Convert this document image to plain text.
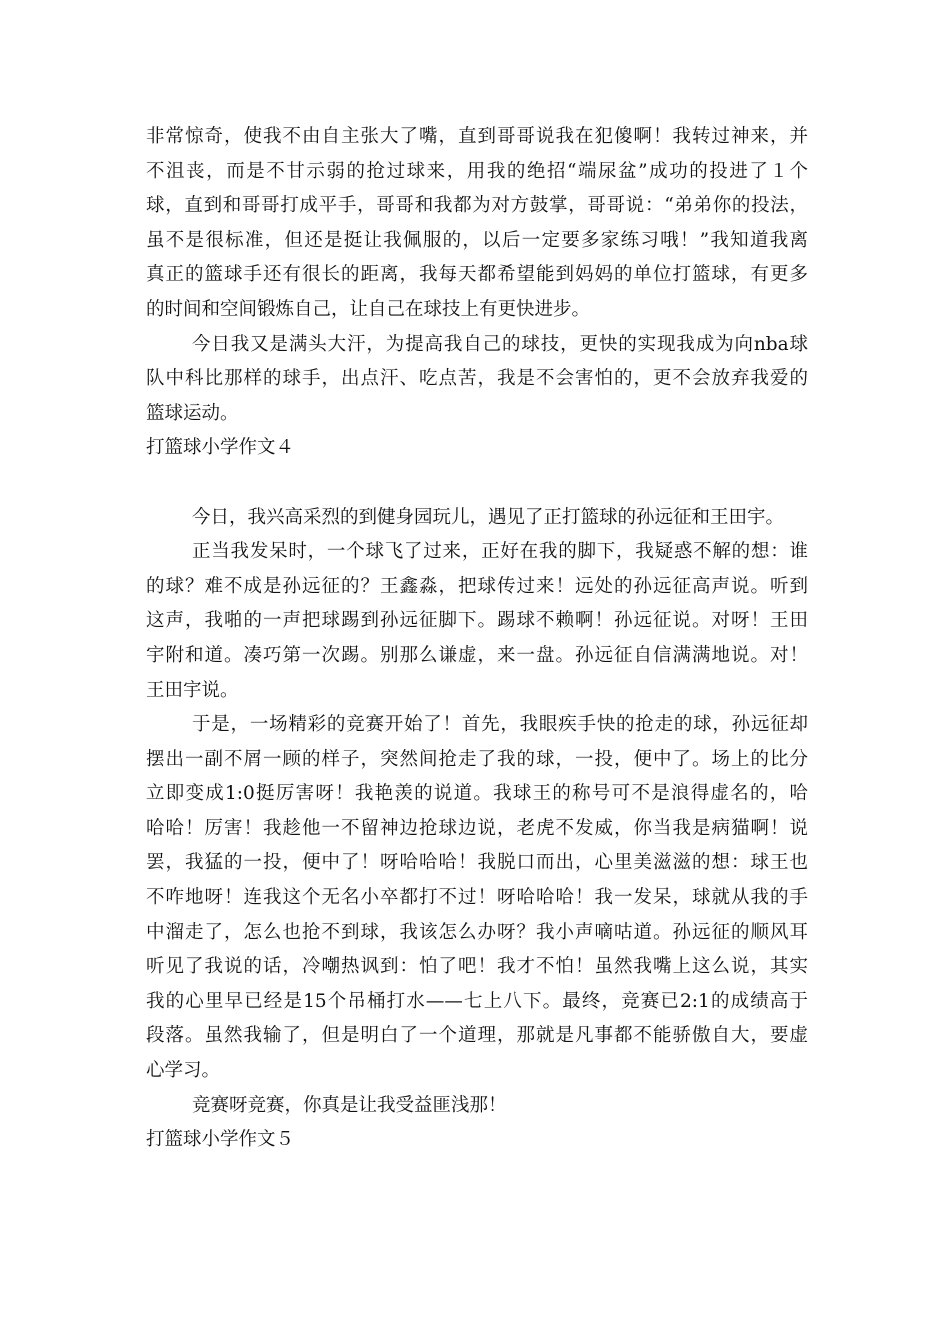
非常惊奇，使我不由自主张大了嘴，直到哥哥说我在犯傻啊！我转过神来，并
不沮丧，而是不甘示弱的抢过球来，用我的绝招“端尿盆”成功的投进了１个
球，直到和哥哥打成平手，哥哥和我都为对方鼓掌，哥哥说：“弟弟你的投法，
虽不是很标准，但还是挺让我佩服的，以后一定要多家练习哦！”我知道我离
真正的篮球手还有很长的距离，我每天都希望能到妈妈的单位打篮球，有更多
的时间和空间锻炼自己，让自己在球技上有更快进步。
今日我又是满头大汗，为提高我自己的球技，更快的实现我成为向nba球
队中科比那样的球手，出点汗、吃点苦，我是不会害怕的，更不会放弃我爱的
篮球运动。
打篮球小学作文４
今日，我兴高采烈的到健身园玩儿，遇见了正打篮球的孙远征和王田宇。
正当我发呆时，一个球飞了过来，正好在我的脚下，我疑惑不解的想：谁
的球？难不成是孙远征的？王鑫淼，把球传过来！远处的孙远征高声说。听到
这声，我啪的一声把球踢到孙远征脚下。踢球不赖啊！孙远征说。对呀！王田
宇附和道。凑巧第一次踢。别那么谦虚，来一盘。孙远征自信满满地说。对！
王田宇说。
于是，一场精彩的竞赛开始了！首先，我眼疾手快的抢走的球，孙远征却
摆出一副不屑一顾的样子，突然间抢走了我的球，一投，便中了。场上的比分
立即变成1:0挺厉害呀！我艳羡的说道。我球王的称号可不是浪得虚名的，哈
哈哈！厉害！我趁他一不留神边抢球边说，老虎不发威，你当我是病猫啊！说
罢，我猛的一投，便中了！呀哈哈哈！我脱口而出，心里美滋滋的想：球王也
不咋地呀！连我这个无名小卒都打不过！呀哈哈哈！我一发呆，球就从我的手
中溜走了，怎么也抢不到球，我该怎么办呀？我小声嘀咕道。孙远征的顺风耳
听见了我说的话，冷嘲热讽到：怕了吧！我才不怕！虽然我嘴上这么说，其实
我的心里早已经是15个吊桶打水——七上八下。最终，竞赛已2:1的成绩高于
段落。虽然我输了，但是明白了一个道理，那就是凡事都不能骄傲自大，要虚
心学习。
竞赛呀竞赛，你真是让我受益匪浅那！
打篮球小学作文５
